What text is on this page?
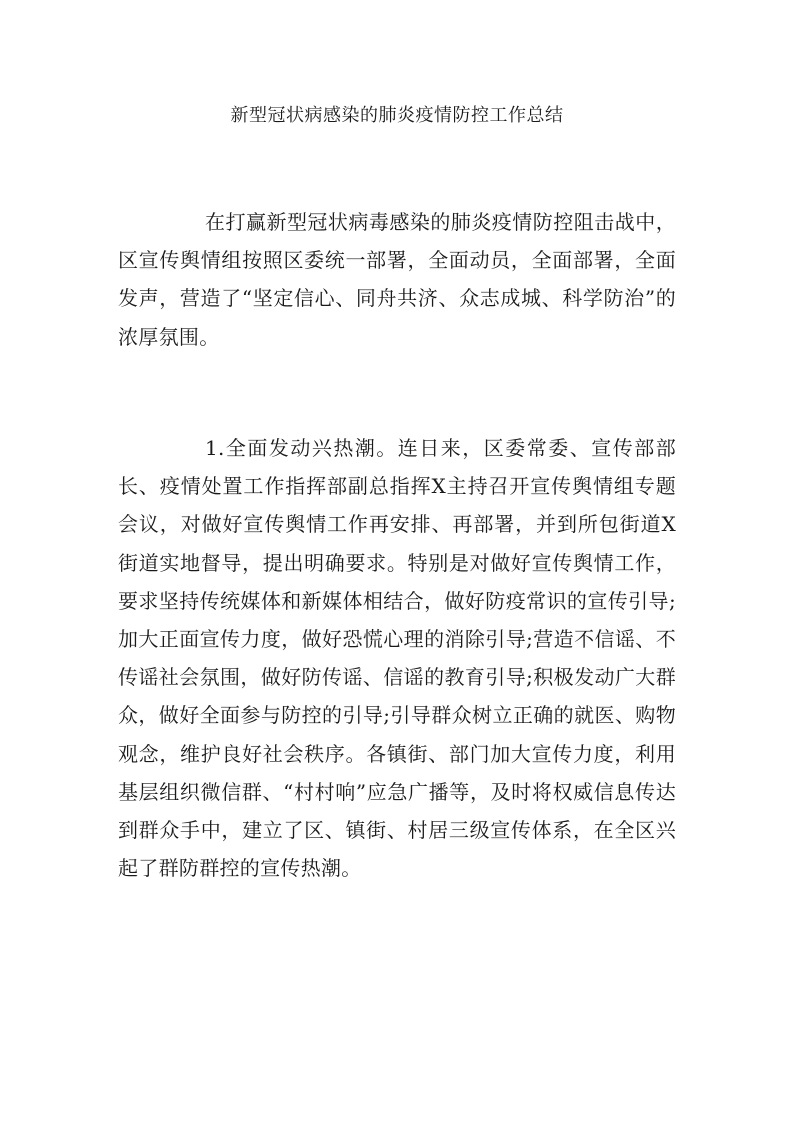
新型冠状病感染的肺炎疫情防控工作总结

在打赢新型冠状病毒感染的肺炎疫情防控阻击战中，区宣传舆情组按照区委统一部署，全面动员，全面部署，全面发声，营造了“坚定信心、同舟共济、众志成城、科学防治”的浓厚氛围。

1.全面发动兴热潮。连日来，区委常委、宣传部部长、疫情处置工作指挥部副总指挥X主持召开宣传舆情组专题会议，对做好宣传舆情工作再安排、再部署，并到所包街道X街道实地督导，提出明确要求。特别是对做好宣传舆情工作，要求坚持传统媒体和新媒体相结合，做好防疫常识的宣传引导;加大正面宣传力度，做好恐慌心理的消除引导;营造不信谣、不传谣社会氛围，做好防传谣、信谣的教育引导;积极发动广大群众，做好全面参与防控的引导;引导群众树立正确的就医、购物观念，维护良好社会秩序。各镇街、部门加大宣传力度，利用基层组织微信群、“村村响”应急广播等，及时将权威信息传达到群众手中，建立了区、镇街、村居三级宣传体系，在全区兴起了群防群控的宣传热潮。
